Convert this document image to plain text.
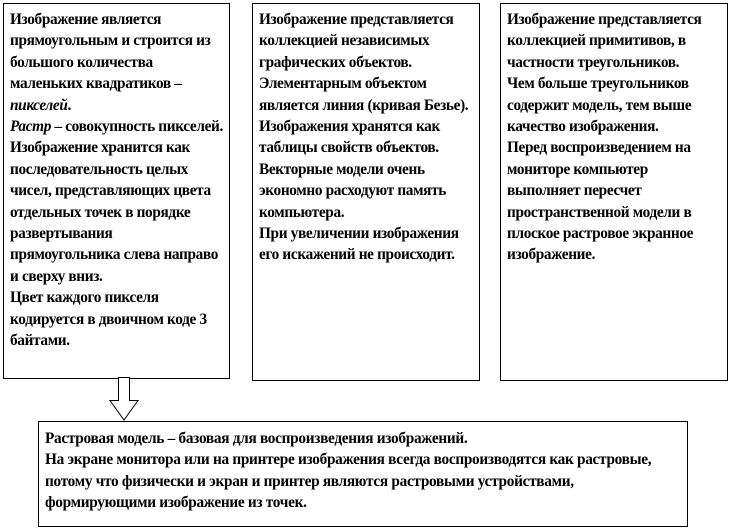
Изображение является прямоугольным и строится из большого количества маленьких квадратиков – пикселей.

Растр – совокупность пикселей.

Изображение хранится как последовательность целых чисел, представляющих цвета отдельных точек в порядке развертывания прямоугольника слева направо и сверху вниз.

Цвет каждого пикселя кодируется в двоичном коде 3 байтами.

Изображение представляется коллекцией независимых графических объектов.

Элементарным объектом является линия (кривая Безье).

Изображения хранятся как таблицы свойств объектов.

Векторные модели очень экономно расходуют память компьютера.

При увеличении изображения его искажений не происходит.

Изображение представляется коллекцией примитивов, в частности треугольников.

Чем больше треугольников содержит модель, тем выше качество изображения.

Перед воспроизведением на мониторе компьютер выполняет пересчет пространственной модели в плоское растровое экранное изображение.

Растровая модель – базовая для воспроизведения изображений.

На экране монитора или на принтере изображения всегда воспроизводятся как растровые, потому что физически и экран и принтер являются растровыми устройствами, формирующими изображение из точек.
